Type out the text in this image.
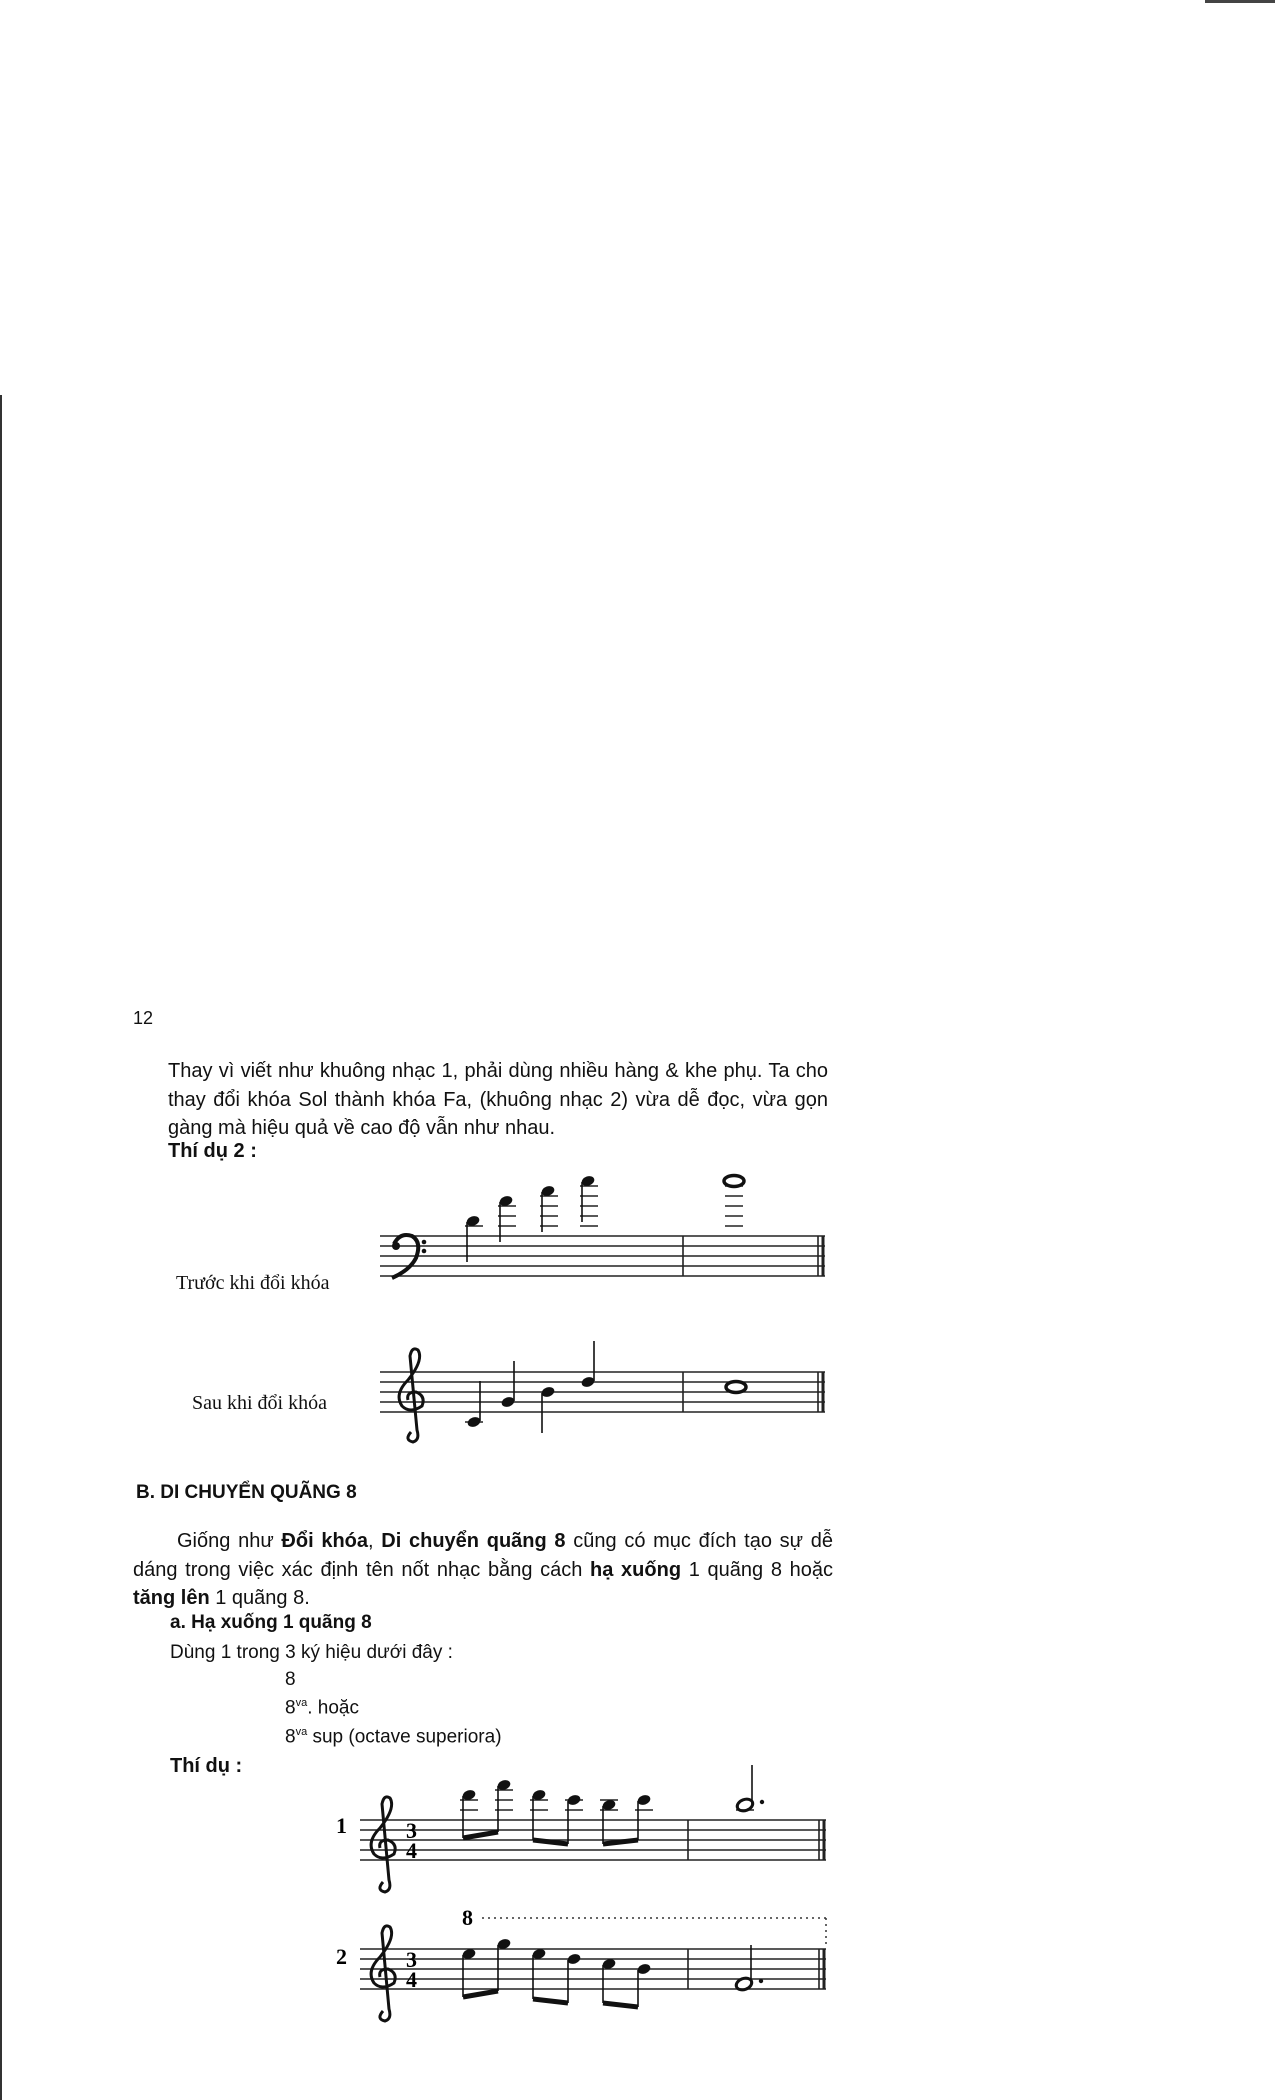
12

Thay vì viết như khuông nhạc 1, phải dùng nhiều hàng & khe phụ. Ta cho thay đổi khóa Sol thành khóa Fa, (khuông nhạc 2) vừa dễ đọc, vừa gọn gàng mà hiệu quả về cao độ vẫn như nhau.

Thí dụ 2 :
Trước khi đổi khóa
Sau khi đổi khóa
B. DI CHUYỂN QUÃNG 8

Giống như Đổi khóa, Di chuyển quãng 8 cũng có mục đích tạo sự dễ dáng trong việc xác định tên nốt nhạc bằng cách hạ xuống 1 quãng 8 hoặc tăng lên 1 quãng 8.

a. Hạ xuống 1 quãng 8
Dùng 1 trong 3 ký hiệu dưới đây :
8
$8^{va}$. hoặc
$8^{va}$ sup (octave superiora)
Thí dụ :
1	3
4
2
8
3
4
